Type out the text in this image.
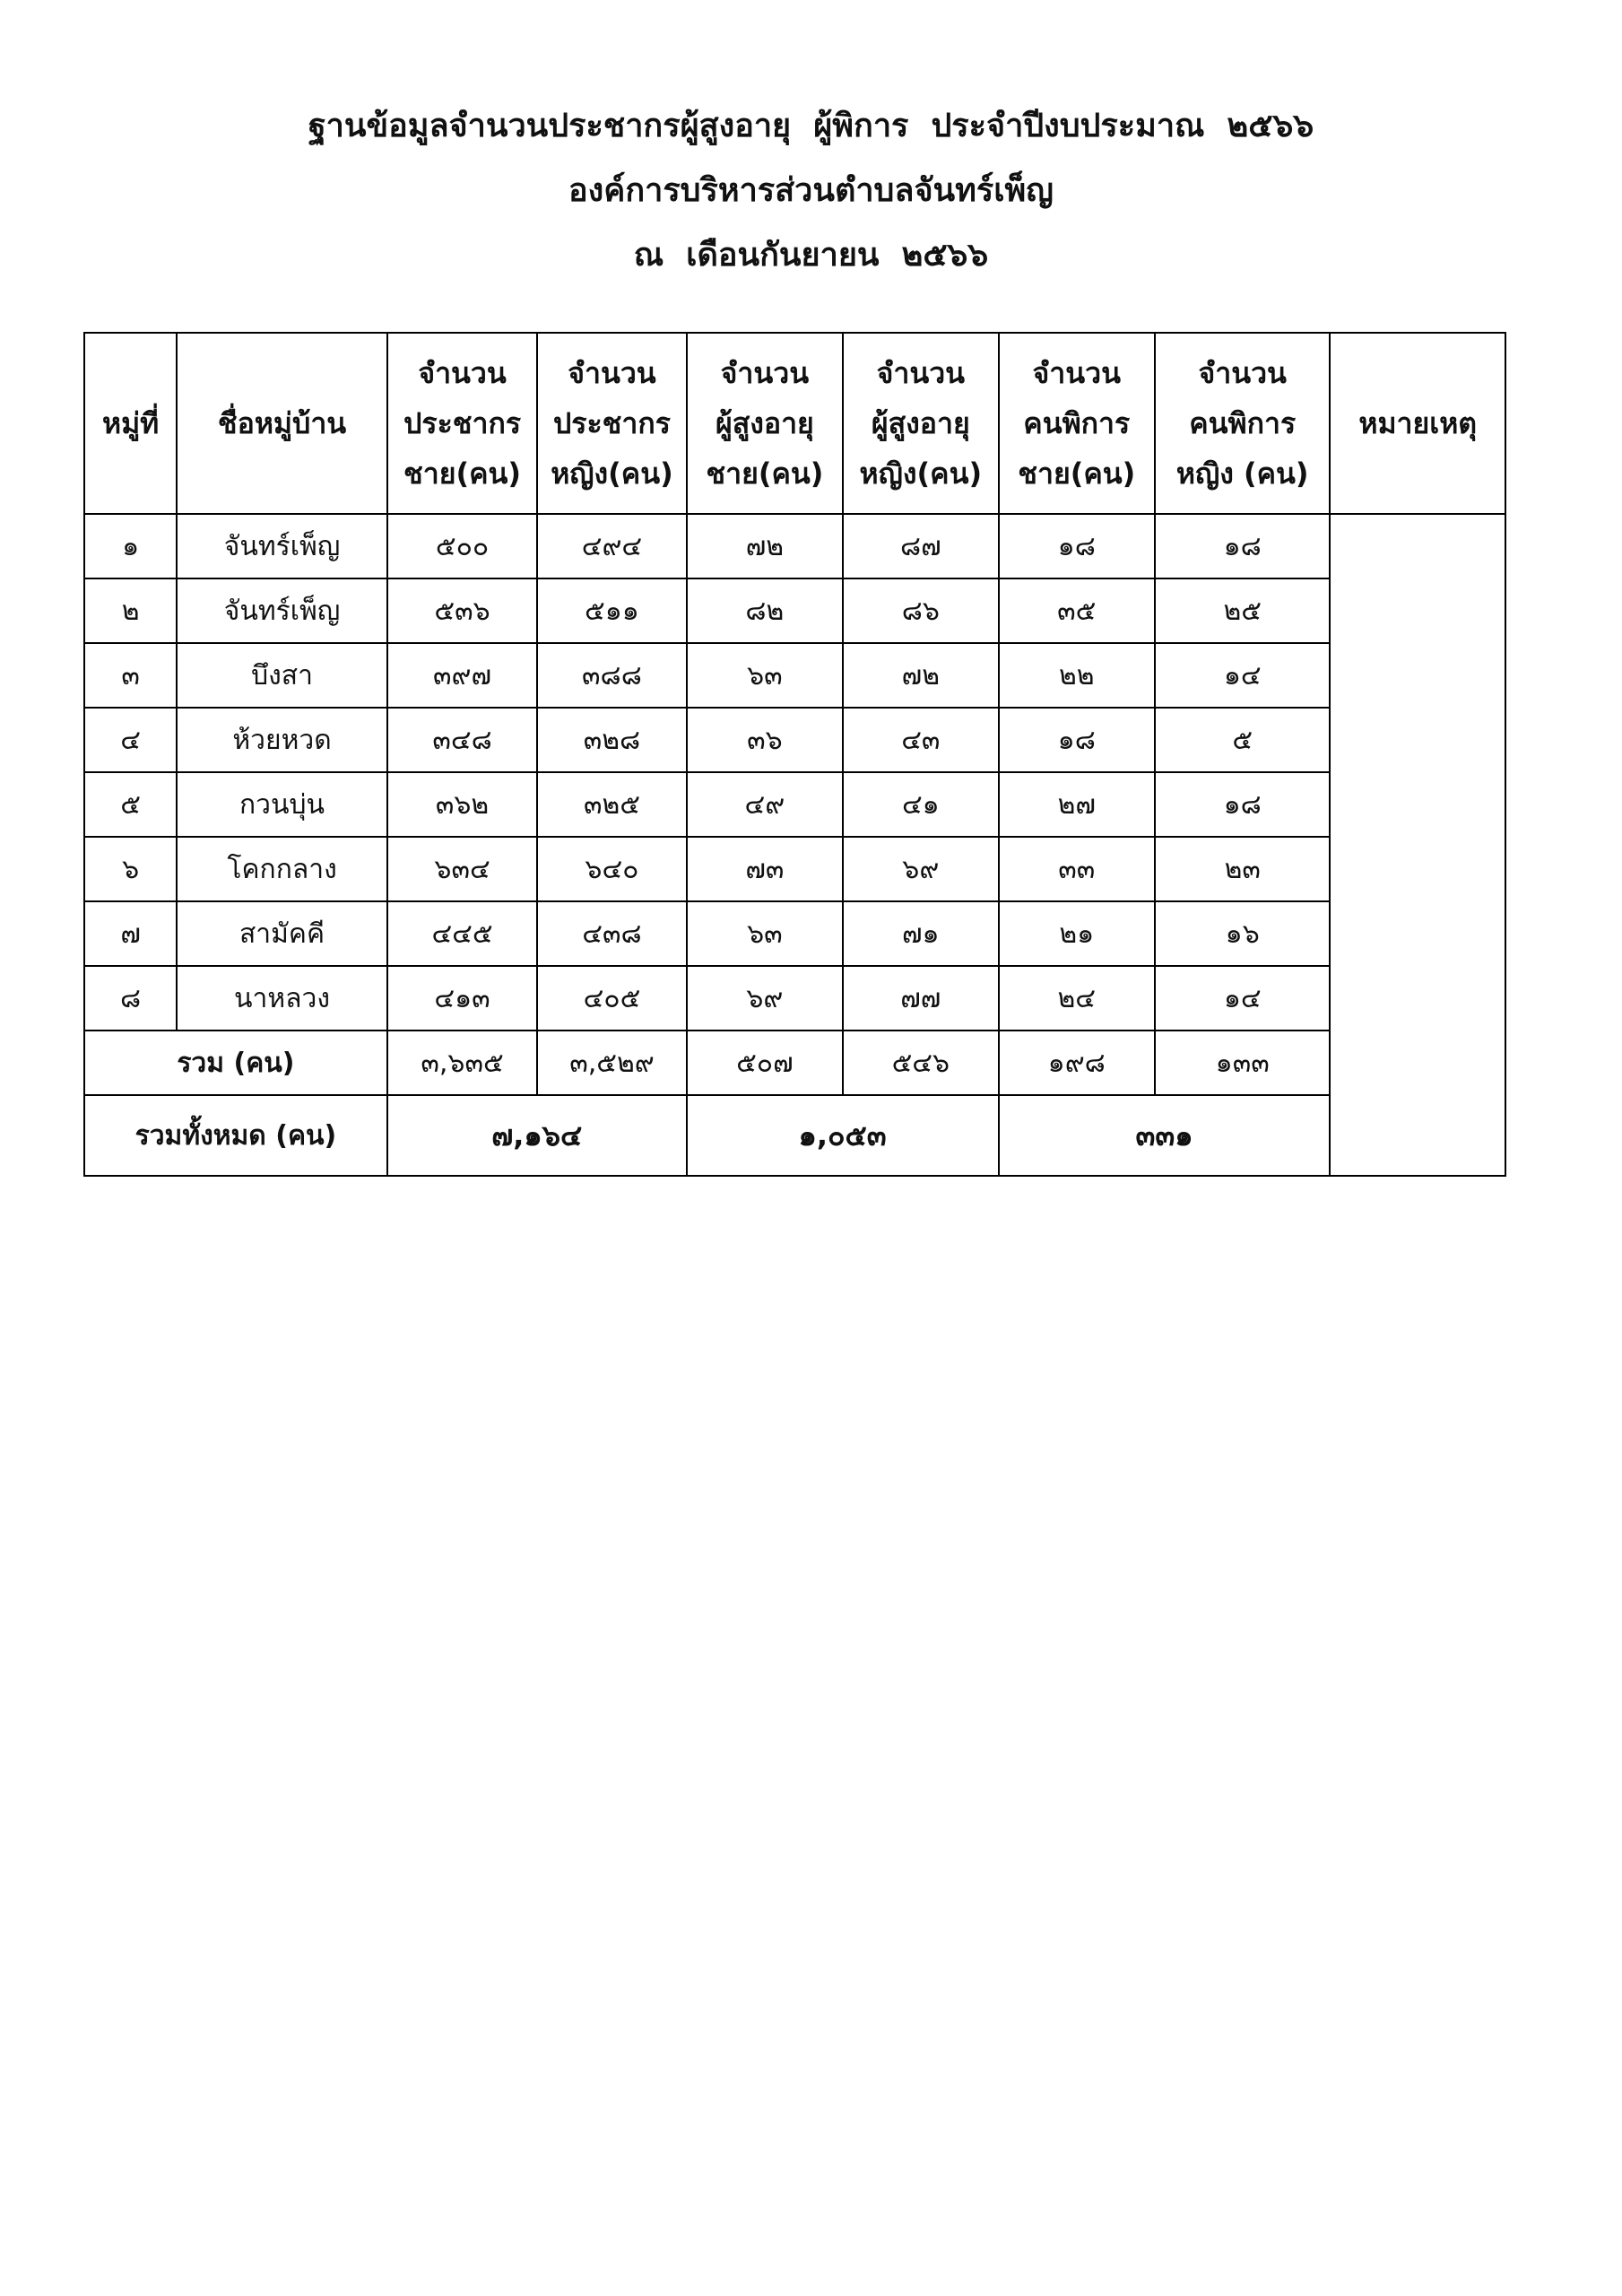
ฐานข้อมูลจำนวนประชากรผู้สูงอายุ  ผู้พิการ  ประจำปีงบประมาณ  ๒๕๖๖
องค์การบริหารส่วนตำบลจันทร์เพ็ญ
ณ  เดือนกันยายน  ๒๕๖๖
หมู่ที่	ชื่อหมู่บ้าน	จำนวน
ประชากร
ชาย(คน)	จำนวน
ประชากร
หญิง(คน)	จำนวน
ผู้สูงอายุ
ชาย(คน)	จำนวน
ผู้สูงอายุ
หญิง(คน)	จำนวน
คนพิการ
ชาย(คน)	จำนวน
คนพิการ
หญิง (คน)	หมายเหตุ
๑	จันทร์เพ็ญ	๕๐๐	๔๙๔	๗๒	๘๗	๑๘	๑๘	
๒	จันทร์เพ็ญ	๕๓๖	๕๑๑	๘๒	๘๖	๓๕	๒๕	
๓	บึงสา	๓๙๗	๓๘๘	๖๓	๗๒	๒๒	๑๔	
๔	ห้วยหวด	๓๔๘	๓๒๘	๓๖	๔๓	๑๘	๕	
๕	กวนบุ่น	๓๖๒	๓๒๕	๔๙	๔๑	๒๗	๑๘	
๖	โคกกลาง	๖๓๔	๖๔๐	๗๓	๖๙	๓๓	๒๓	
๗	สามัคคี	๔๔๕	๔๓๘	๖๓	๗๑	๒๑	๑๖	
๘	นาหลวง	๔๑๓	๔๐๕	๖๙	๗๗	๒๔	๑๔	
รวม (คน)		๓,๖๓๕	๓,๕๒๙	๕๐๗	๕๔๖	๑๙๘	๑๓๓	
รวมทั้งหมด (คน)		๗,๑๖๔		๑,๐๕๓		๓๓๑		
